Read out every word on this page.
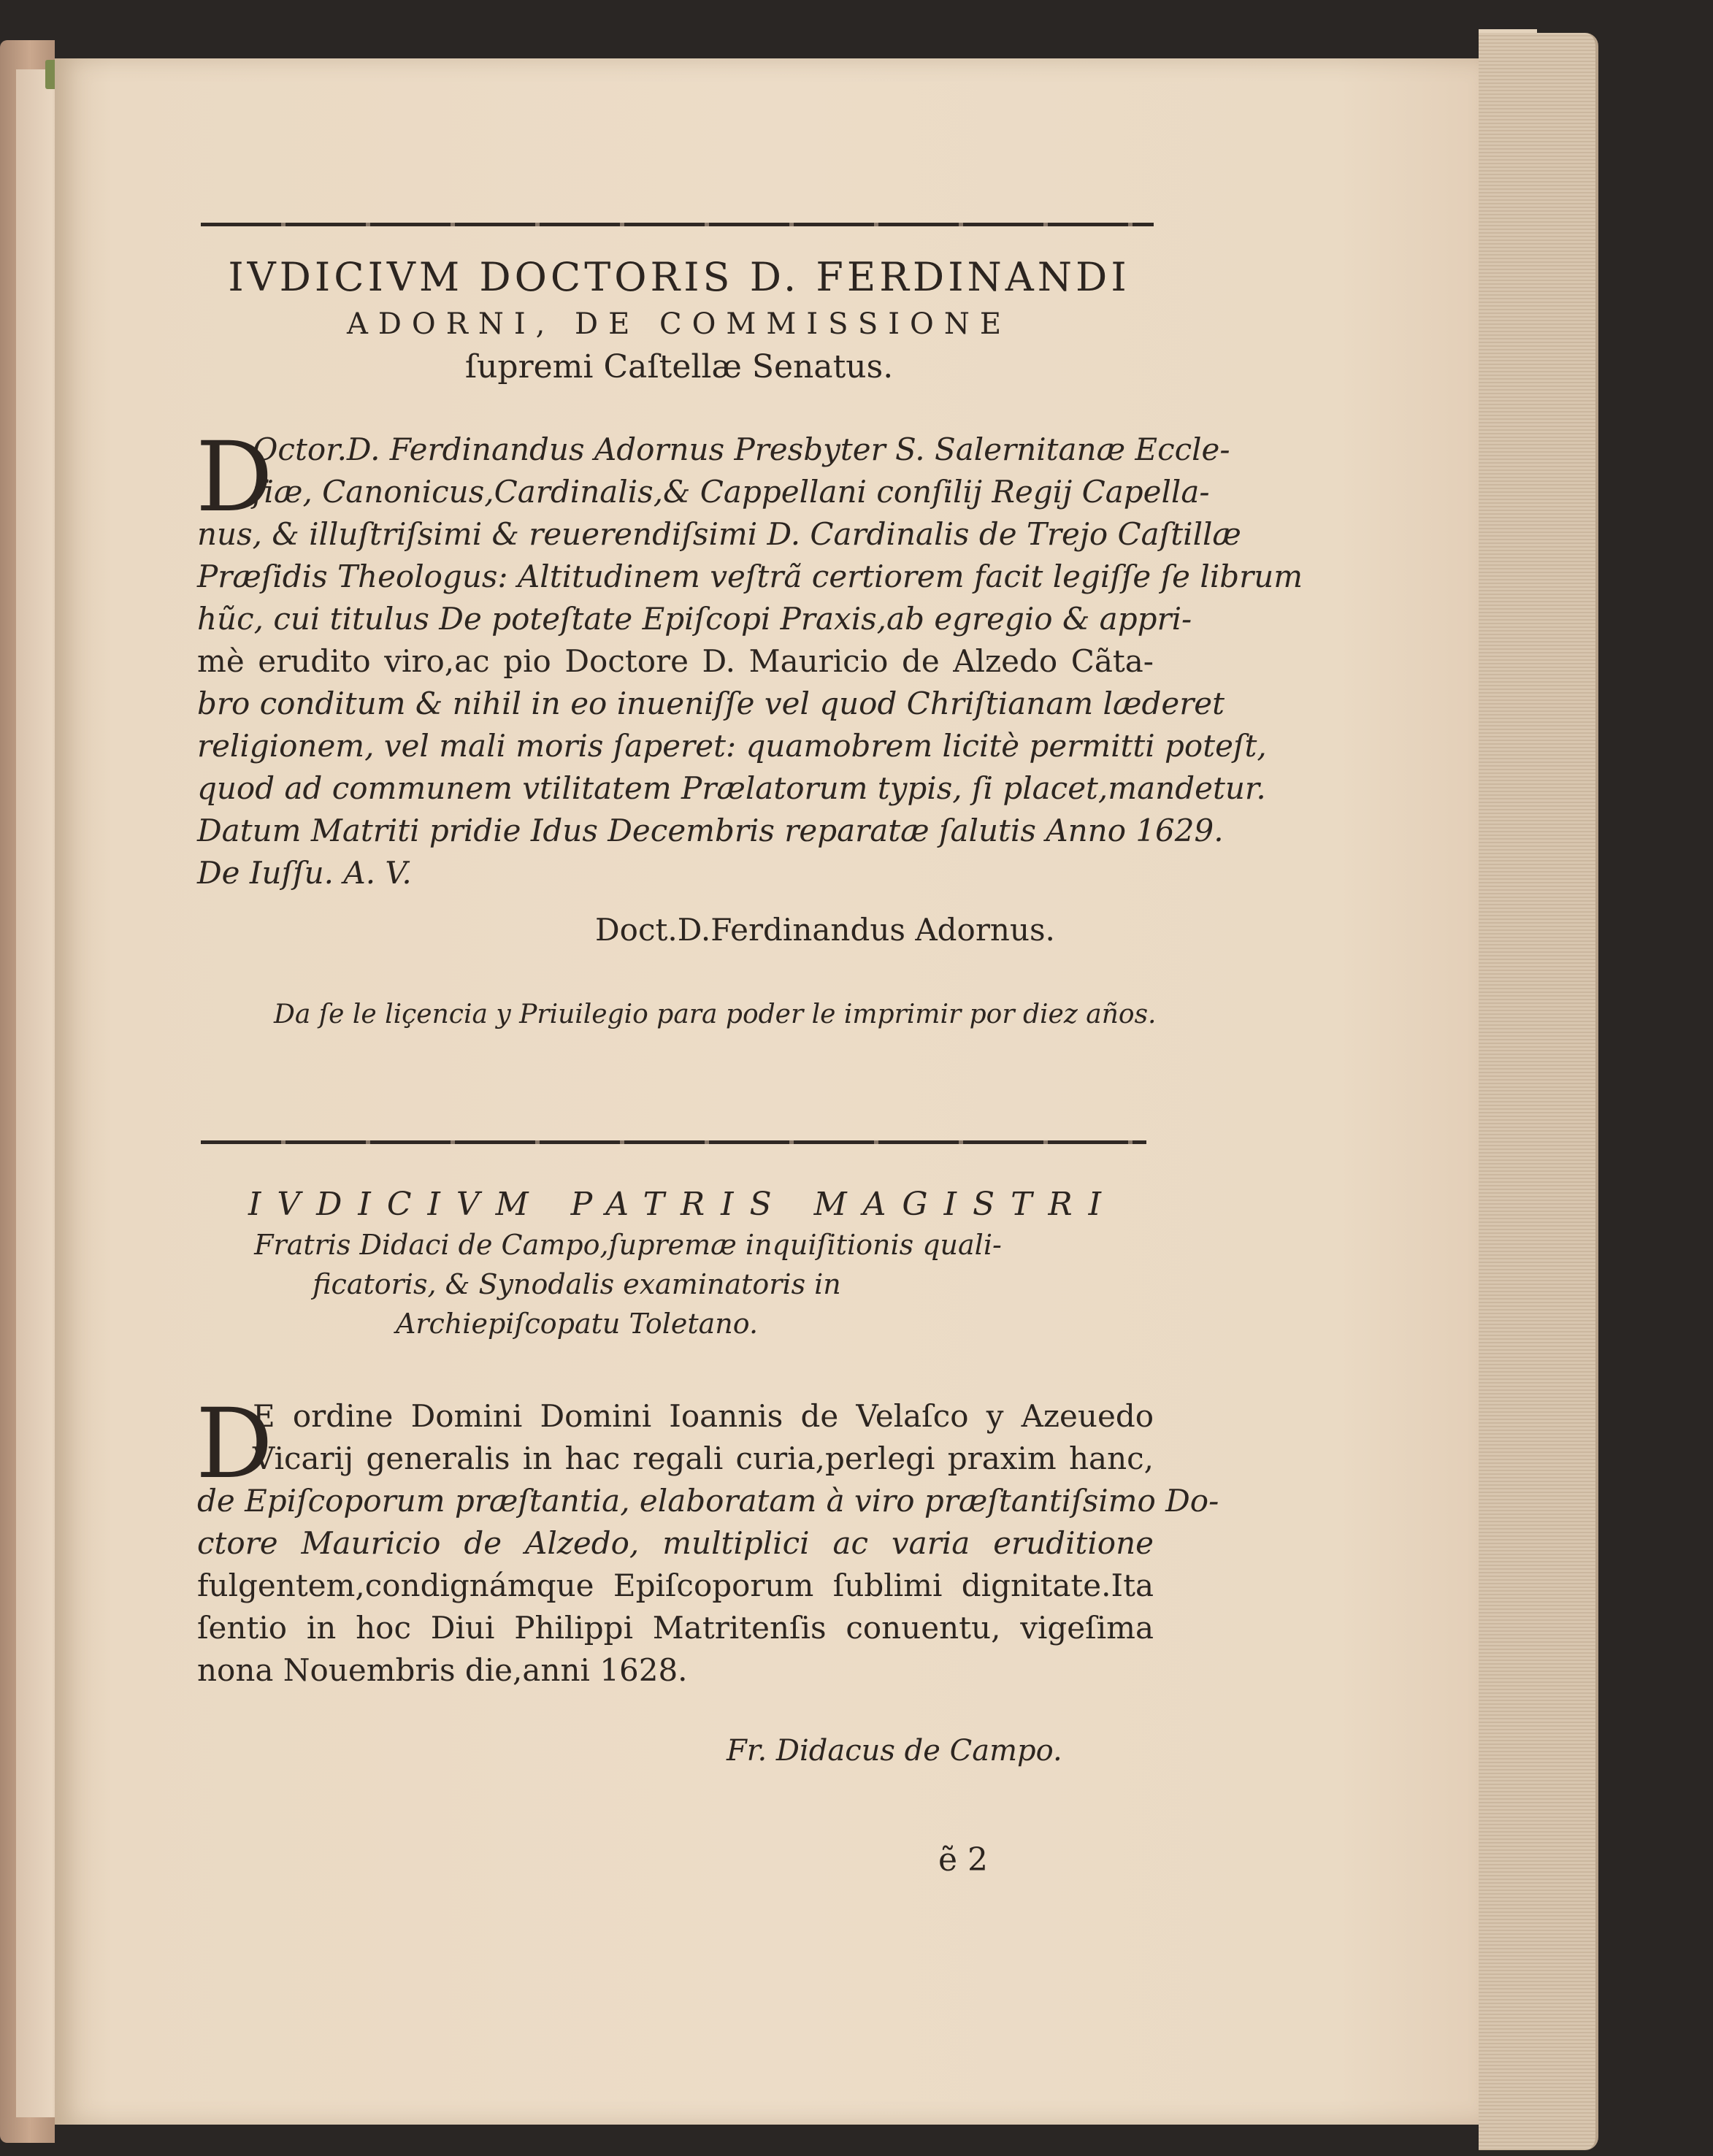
IVDICIVM DOCTORIS D. FERDINANDI
ADORNI, DE COMMISSIONE
ſupremi Caſtellæ Senatus.
D
Octor.D. Ferdinandus Adornus Presbyter S. Salernitanæ Eccle-
ſiæ, Canonicus,Cardinalis,& Cappellani conſilij Regij Capella-
nus, & illuſtriſsimi & reuerendiſsimi D. Cardinalis de Trejo Caſtillæ
Præſidis Theologus: Altitudinem veſtrã certiorem facit legiſſe ſe librum
hũc, cui titulus De poteſtate Epiſcopi Praxis,ab egregio & appri-
mè erudito viro,ac pio Doctore D. Mauricio de Alzedo Cãta-
bro conditum & nihil in eo inueniſſe vel quod Chriſtianam læderet
religionem, vel mali moris ſaperet: quamobrem licitè permitti poteſt,
quod ad communem vtilitatem Prælatorum typis, ſi placet,mandetur.
Datum Matriti pridie Idus Decembris reparatæ ſalutis Anno 1629.
De Iuſſu. A. V.
Doct.D.Ferdinandus Adornus.
Da ſe le liçencia y Priuilegio para poder le imprimir por diez años.
IVDICIVM PATRIS MAGISTRI
Fratris Didaci de Campo,ſupremæ inquiſitionis quali-
ficatoris, & Synodalis examinatoris in
Archiepiſcopatu Toletano.
D
E ordine Domini Domini Ioannis de Velaſco y Azeuedo
Vicarij generalis in hac regali curia,perlegi praxim hanc,
de Epiſcoporum præſtantia, elaboratam à viro præſtantiſsimo Do-
ctore Mauricio de Alzedo, multiplici ac varia eruditione
fulgentem,condignámque Epiſcoporum ſublimi dignitate.Ita
ſentio in hoc Diui Philippi Matritenſis conuentu, vigeſima
nona Nouembris die,anni 1628.
Fr. Didacus de Campo.
ẽ 2
